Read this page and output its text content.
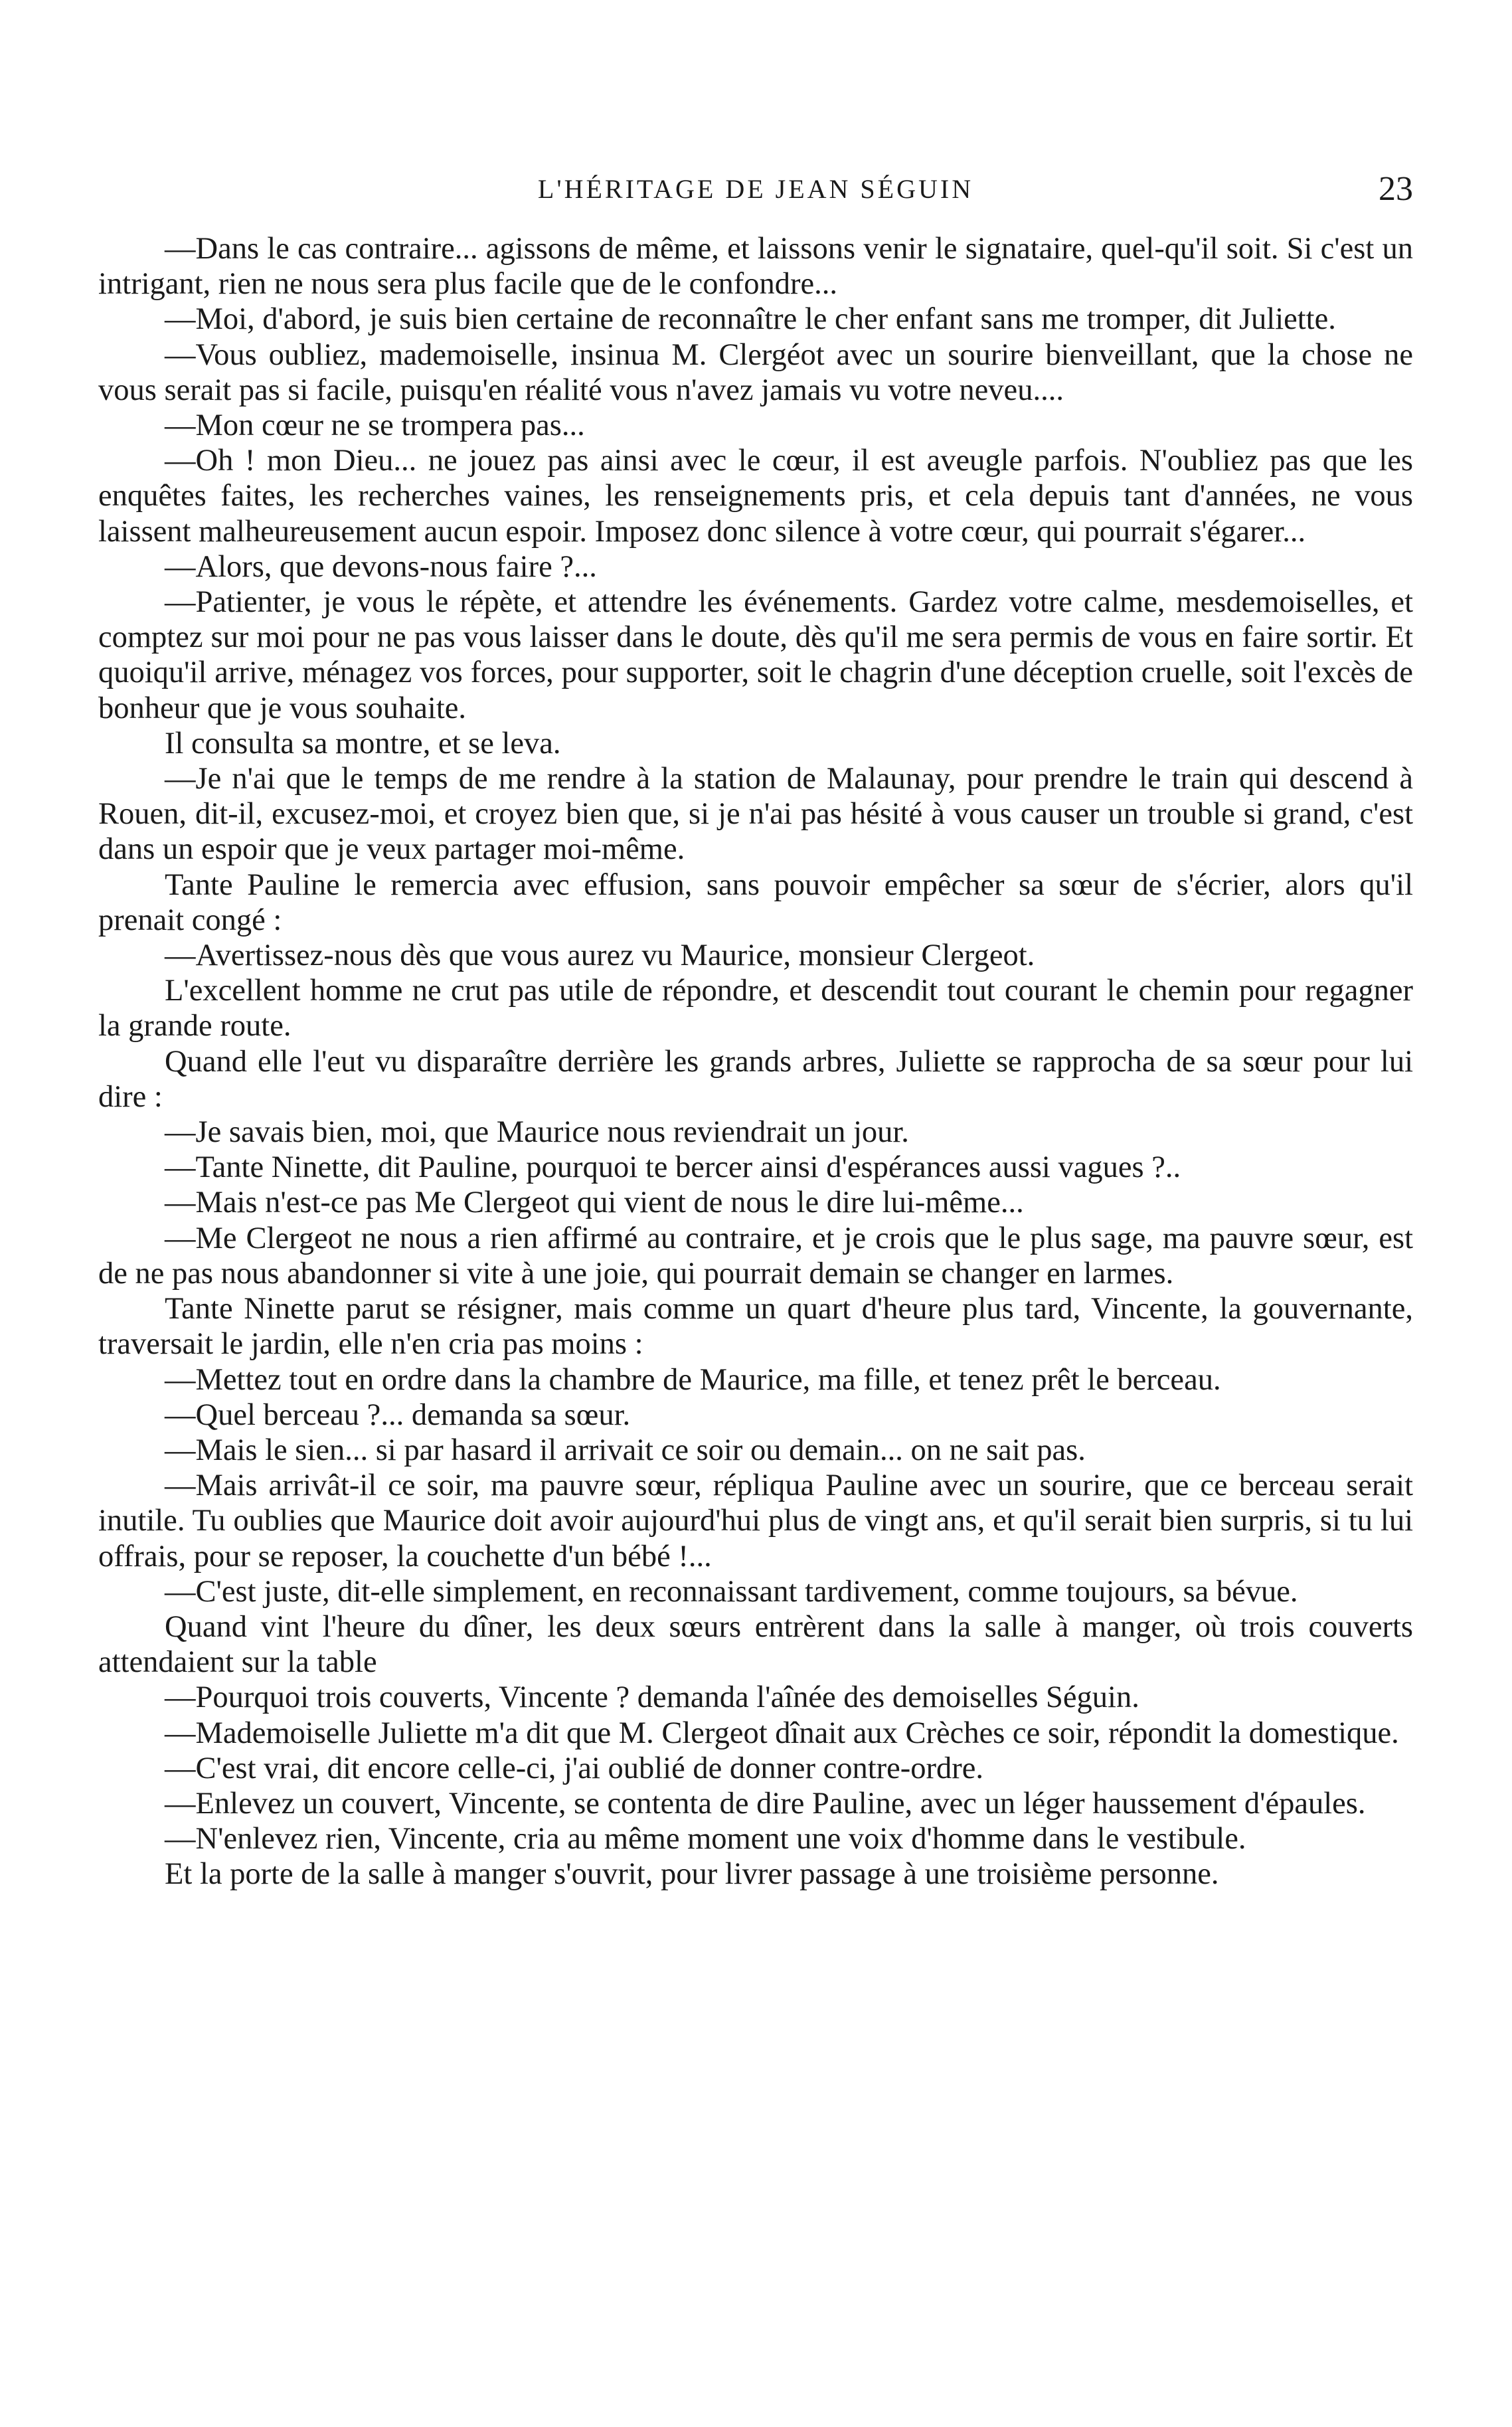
L'HÉRITAGE DE JEAN SÉGUIN	23

—Dans le cas contraire... agissons de même, et laissons venir le signataire, quel-qu'il soit. Si c'est un intrigant, rien ne nous sera plus facile que de le confondre...

—Moi, d'abord, je suis bien certaine de reconnaître le cher enfant sans me tromper, dit Juliette.

—Vous oubliez, mademoiselle, insinua M. Clergéot avec un sourire bienveillant, que la chose ne vous serait pas si facile, puisqu'en réalité vous n'avez jamais vu votre neveu....

—Mon cœur ne se trompera pas...

—Oh ! mon Dieu... ne jouez pas ainsi avec le cœur, il est aveugle parfois. N'oubliez pas que les enquêtes faites, les recherches vaines, les renseignements pris, et cela depuis tant d'années, ne vous laissent malheureusement aucun espoir. Imposez donc silence à votre cœur, qui pourrait s'égarer...

—Alors, que devons-nous faire ?...

—Patienter, je vous le répète, et attendre les événements. Gardez votre calme, mesdemoiselles, et comptez sur moi pour ne pas vous laisser dans le doute, dès qu'il me sera permis de vous en faire sortir. Et quoiqu'il arrive, ménagez vos forces, pour supporter, soit le chagrin d'une déception cruelle, soit l'excès de bonheur que je vous souhaite.

Il consulta sa montre, et se leva.

—Je n'ai que le temps de me rendre à la station de Malaunay, pour prendre le train qui descend à Rouen, dit-il, excusez-moi, et croyez bien que, si je n'ai pas hésité à vous causer un trouble si grand, c'est dans un espoir que je veux partager moi-même.

Tante Pauline le remercia avec effusion, sans pouvoir empêcher sa sœur de s'écrier, alors qu'il prenait congé :

—Avertissez-nous dès que vous aurez vu Maurice, monsieur Clergeot.

L'excellent homme ne crut pas utile de répondre, et descendit tout courant le chemin pour regagner la grande route.

Quand elle l'eut vu disparaître derrière les grands arbres, Juliette se rapprocha de sa sœur pour lui dire :

—Je savais bien, moi, que Maurice nous reviendrait un jour.

—Tante Ninette, dit Pauline, pourquoi te bercer ainsi d'espérances aussi vagues ?..

—Mais n'est-ce pas Me Clergeot qui vient de nous le dire lui-même...

—Me Clergeot ne nous a rien affirmé au contraire, et je crois que le plus sage, ma pauvre sœur, est de ne pas nous abandonner si vite à une joie, qui pourrait demain se changer en larmes.

Tante Ninette parut se résigner, mais comme un quart d'heure plus tard, Vincente, la gouvernante, traversait le jardin, elle n'en cria pas moins :

—Mettez tout en ordre dans la chambre de Maurice, ma fille, et tenez prêt le berceau.

—Quel berceau ?... demanda sa sœur.

—Mais le sien... si par hasard il arrivait ce soir ou demain... on ne sait pas.

—Mais arrivât-il ce soir, ma pauvre sœur, répliqua Pauline avec un sourire, que ce berceau serait inutile. Tu oublies que Maurice doit avoir aujourd'hui plus de vingt ans, et qu'il serait bien surpris, si tu lui offrais, pour se reposer, la couchette d'un bébé !...

—C'est juste, dit-elle simplement, en reconnaissant tardivement, comme toujours, sa bévue.

Quand vint l'heure du dîner, les deux sœurs entrèrent dans la salle à manger, où trois couverts attendaient sur la table

—Pourquoi trois couverts, Vincente ? demanda l'aînée des demoiselles Séguin.

—Mademoiselle Juliette m'a dit que M. Clergeot dînait aux Crèches ce soir, répondit la domestique.

—C'est vrai, dit encore celle-ci, j'ai oublié de donner contre-ordre.

—Enlevez un couvert, Vincente, se contenta de dire Pauline, avec un léger haussement d'épaules.

—N'enlevez rien, Vincente, cria au même moment une voix d'homme dans le vestibule.

Et la porte de la salle à manger s'ouvrit, pour livrer passage à une troisième personne.
